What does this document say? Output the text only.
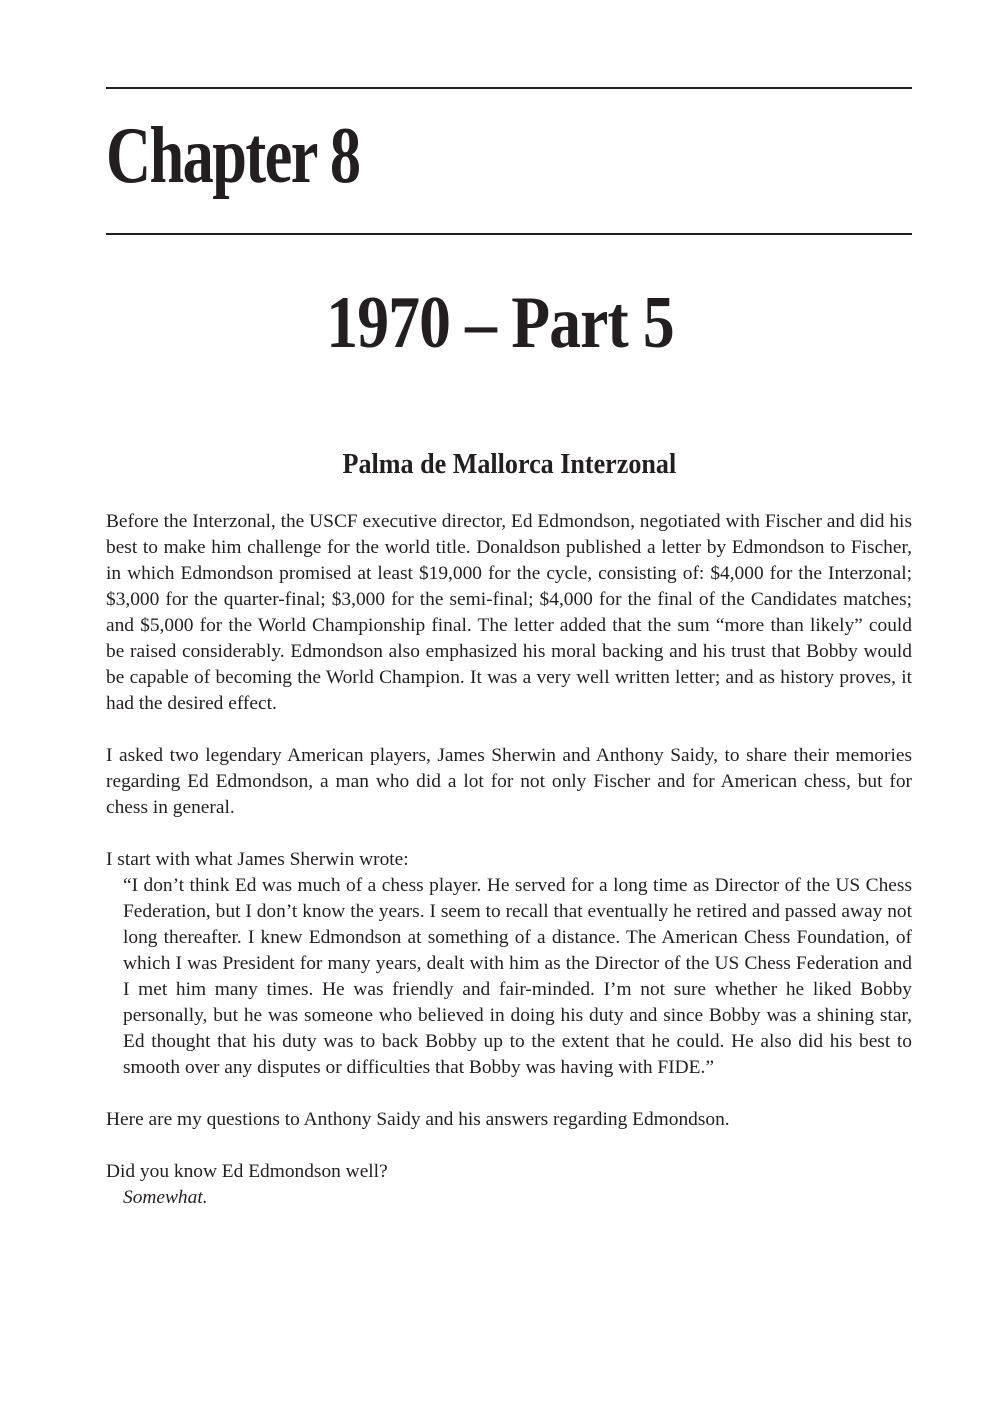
Chapter 8
1970 – Part 5
Palma de Mallorca Interzonal

Before the Interzonal, the USCF executive director, Ed Edmondson, negotiated with Fischer and did his best to make him challenge for the world title. Donaldson published a letter by Edmondson to Fischer, in which Edmondson promised at least $19,000 for the cycle, consisting of: $4,000 for the Interzonal; $3,000 for the quarter-final; $3,000 for the semi-final; $4,000 for the final of the Candidates matches; and $5,000 for the World Championship final. The letter added that the sum “more than likely” could be raised considerably. Edmondson also emphasized his moral backing and his trust that Bobby would be capable of becoming the World Champion. It was a very well written letter; and as history proves, it had the desired effect.

I asked two legendary American players, James Sherwin and Anthony Saidy, to share their memories regarding Ed Edmondson, a man who did a lot for not only Fischer and for American chess, but for chess in general.

I start with what James Sherwin wrote:

“I don’t think Ed was much of a chess player. He served for a long time as Director of the US Chess Federation, but I don’t know the years. I seem to recall that eventually he retired and passed away not long thereafter. I knew Edmondson at something of a distance. The American Chess Foundation, of which I was President for many years, dealt with him as the Director of the US Chess Federation and I met him many times. He was friendly and fair-minded. I’m not sure whether he liked Bobby personally, but he was someone who believed in doing his duty and since Bobby was a shining star, Ed thought that his duty was to back Bobby up to the extent that he could. He also did his best to smooth over any disputes or difficulties that Bobby was having with FIDE.”

Here are my questions to Anthony Saidy and his answers regarding Edmondson.

Did you know Ed Edmondson well?

Somewhat.
